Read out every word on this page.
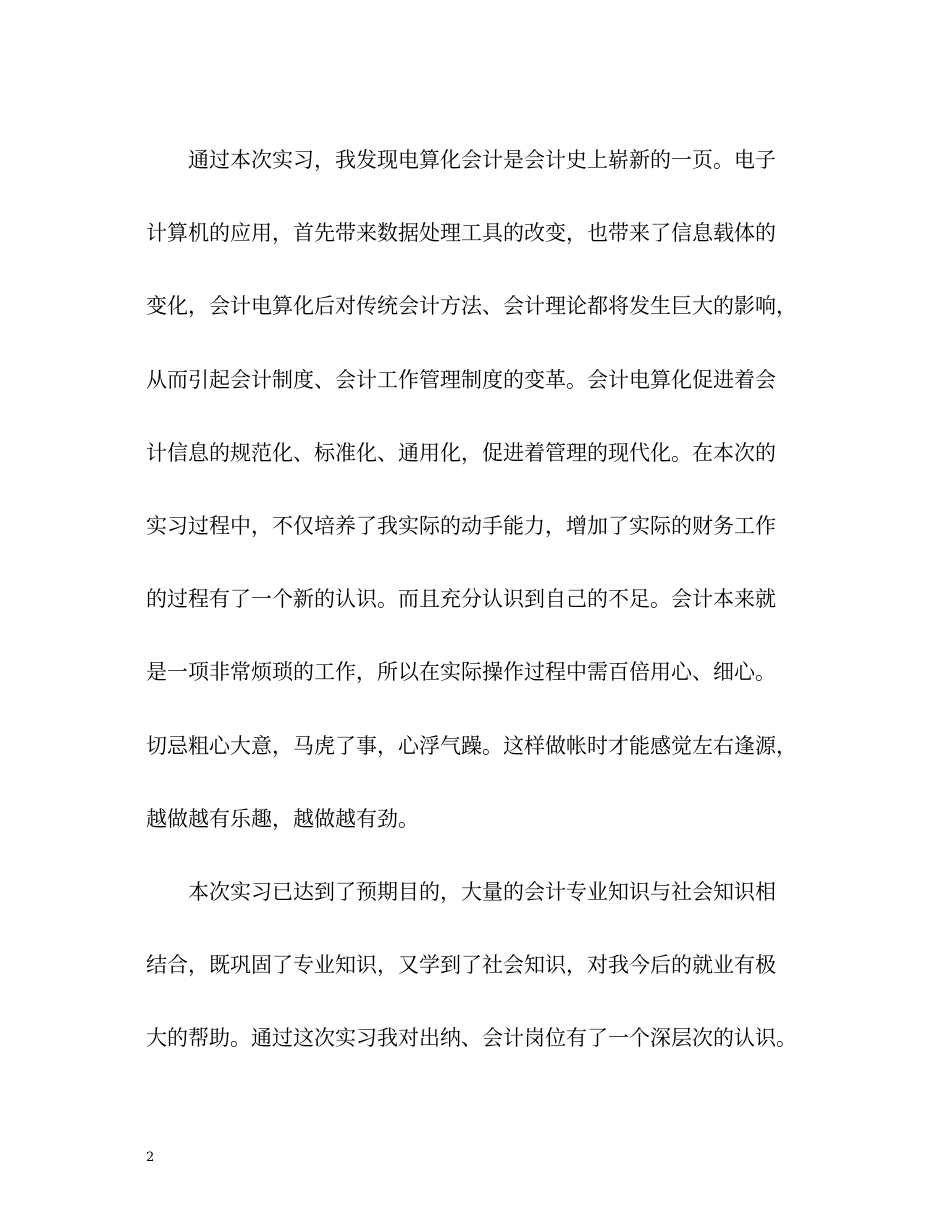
通过本次实习，我发现电算化会计是会计史上崭新的一页。电子
计算机的应用，首先带来数据处理工具的改变，也带来了信息载体的
变化，会计电算化后对传统会计方法、会计理论都将发生巨大的影响，
从而引起会计制度、会计工作管理制度的变革。会计电算化促进着会
计信息的规范化、标准化、通用化，促进着管理的现代化。在本次的
实习过程中，不仅培养了我实际的动手能力，增加了实际的财务工作
的过程有了一个新的认识。而且充分认识到自己的不足。会计本来就
是一项非常烦琐的工作，所以在实际操作过程中需百倍用心、细心。
切忌粗心大意，马虎了事，心浮气躁。这样做帐时才能感觉左右逢源，
越做越有乐趣，越做越有劲。
本次实习已达到了预期目的，大量的会计专业知识与社会知识相
结合，既巩固了专业知识，又学到了社会知识，对我今后的就业有极
大的帮助。通过这次实习我对出纳、会计岗位有了一个深层次的认识。
2
